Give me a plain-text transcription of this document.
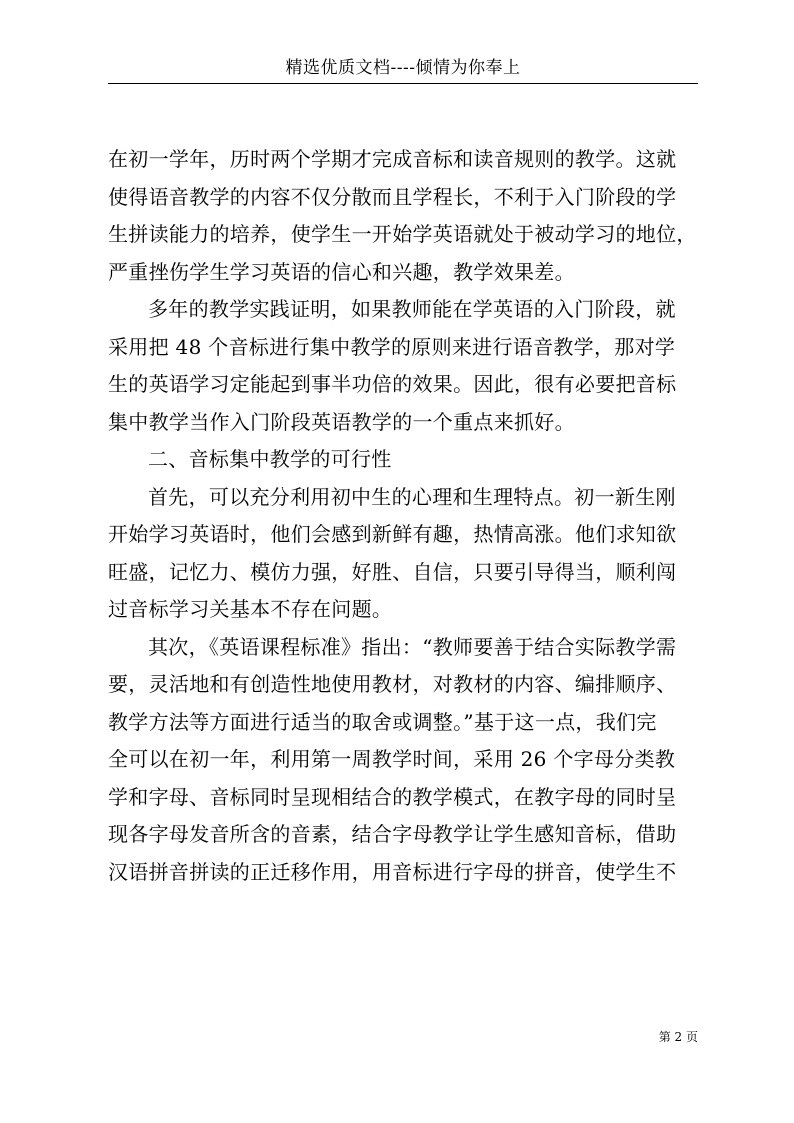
精选优质文档----倾情为你奉上
在初一学年，历时两个学期才完成音标和读音规则的教学。这就
使得语音教学的内容不仅分散而且学程长，不利于入门阶段的学
生拼读能力的培养，使学生一开始学英语就处于被动学习的地位，
严重挫伤学生学习英语的信心和兴趣，教学效果差。
多年的教学实践证明，如果教师能在学英语的入门阶段，就
采用把 48 个音标进行集中教学的原则来进行语音教学，那对学
生的英语学习定能起到事半功倍的效果。因此，很有必要把音标
集中教学当作入门阶段英语教学的一个重点来抓好。
二、音标集中教学的可行性
首先，可以充分利用初中生的心理和生理特点。初一新生刚
开始学习英语时，他们会感到新鲜有趣，热情高涨。他们求知欲
旺盛，记忆力、模仿力强，好胜、自信，只要引导得当，顺利闯
过音标学习关基本不存在问题。
其次，《英语课程标准》指出：“教师要善于结合实际教学需
要，灵活地和有创造性地使用教材，对教材的内容、编排顺序、
教学方法等方面进行适当的取舍或调整。”基于这一点，我们完
全可以在初一年，利用第一周教学时间，采用 26 个字母分类教
学和字母、音标同时呈现相结合的教学模式，在教字母的同时呈
现各字母发音所含的音素，结合字母教学让学生感知音标，借助
汉语拼音拼读的正迁移作用，用音标进行字母的拼音，使学生不
第 2 页
